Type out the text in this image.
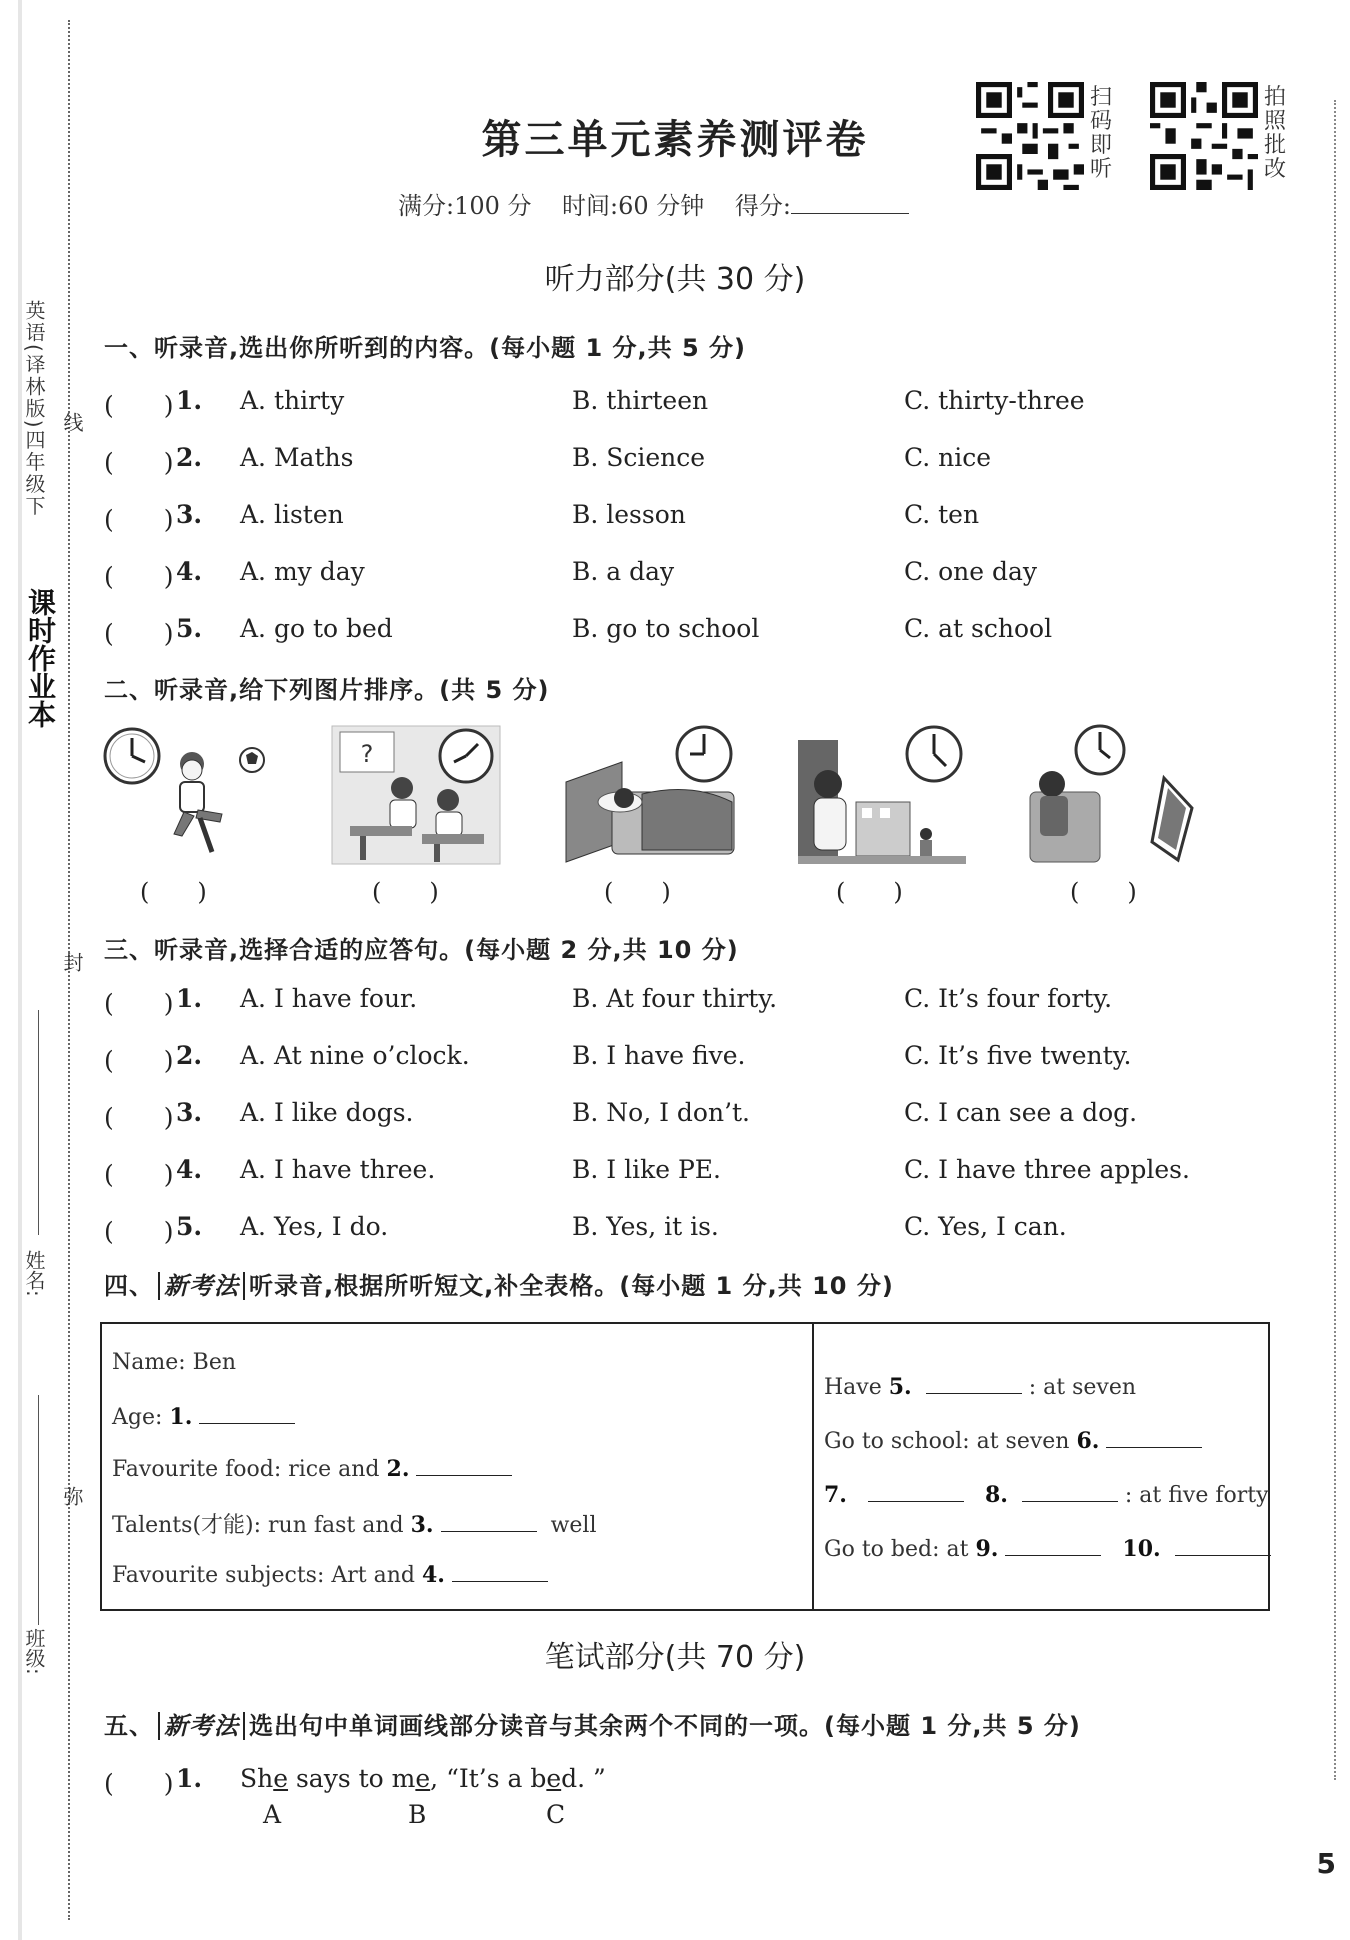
英语(译林版)四年级下
课时作业本
线
封
弥
姓名:
班级:
第三单元素养测评卷
满分:100 分 时间:60 分钟 得分:
扫码即听
拍照批改
听力部分(共 30 分)
一、听录音,选出你所听到的内容。(每小题 1 分,共 5 分)
(　　) 1. A. thirty	B. thirteen	C. thirty-three
(　　) 2. A. Maths	B. Science	C. nice
(　　) 3. A. listen	B. lesson	C. ten
(　　) 4. A. my day	B. a day	C. one day
(　　) 5. A. go to bed	B. go to school	C. at school
二、听录音,给下列图片排序。(共 5 分)
?
(　　)	(　　)	(　　)	(　　)	(　　)
三、听录音,选择合适的应答句。(每小题 2 分,共 10 分)
(　　) 1. A. I have four.	B. At four thirty.	C. It’s four forty.
(　　) 2. A. At nine o’clock.	B. I have five.	C. It’s five twenty.
(　　) 3. A. I like dogs.	B. No, I don’t.	C. I can see a dog.
(　　) 4. A. I have three.	B. I like PE.	C. I have three apples.
(　　) 5. A. Yes, I do.	B. Yes, it is.	C. Yes, I can.
四、 新考法 听录音,根据所听短文,补全表格。(每小题 1 分,共 10 分)
Name: Ben
Age: 1.
Favourite food: rice and 2.
Talents(才能): run fast and 3.	well
Favourite subjects: Art and 4.
Have 5.	: at seven
Go to school: at seven 6.
7.	8.	: at five forty
Go to bed: at 9.	10.
笔试部分(共 70 分)
五、 新考法 选出句中单词画线部分读音与其余两个不同的一项。(每小题 1 分,共 5 分)
(　　) 1. She says to me, “It’s a bed. ”
A	B	C
5
